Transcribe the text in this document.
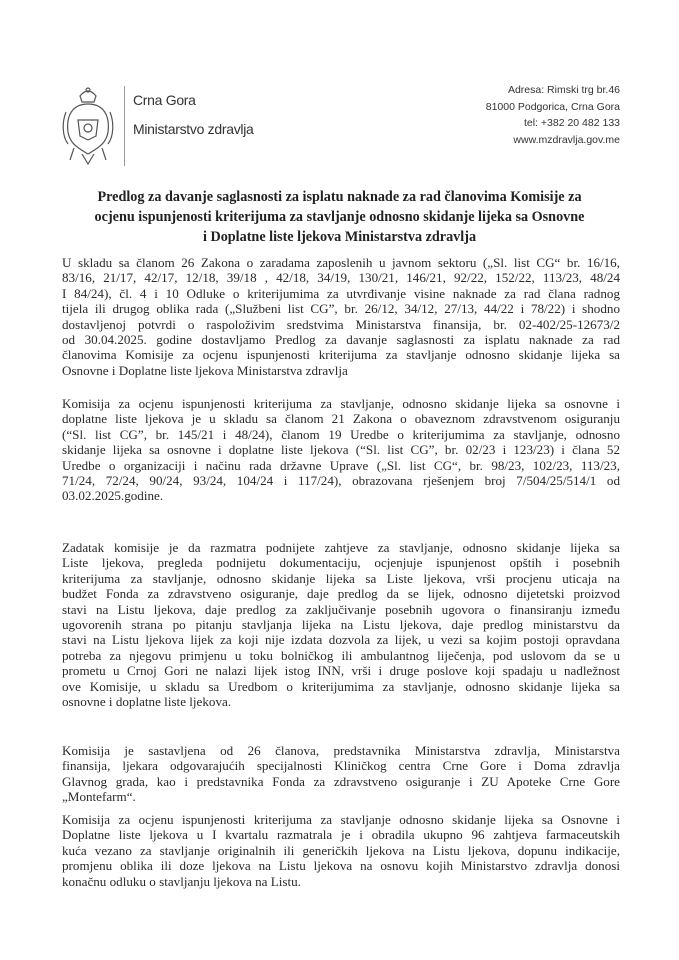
Crna Gora
Ministarstvo zdravlja
Adresa: Rimski trg br.46
81000 Podgorica, Crna Gora
tel: +382 20 482 133
www.mzdravlja.gov.me
Predlog za davanje saglasnosti za isplatu naknade za rad članovima Komisije za
ocjenu ispunjenosti kriterijuma za stavljanje odnosno skidanje lijeka sa Osnovne
i Doplatne liste ljekova Ministarstva zdravlja
U skladu sa članom 26 Zakona o zaradama zaposlenih u javnom sektoru („Sl. list CG“ br. 16/16,
83/16, 21/17, 42/17, 12/18, 39/18 , 42/18, 34/19, 130/21, 146/21, 92/22, 152/22, 113/23, 48/24
I 84/24), čl. 4 i 10 Odluke o kriterijumima za utvrđivanje visine naknade za rad člana radnog
tijela ili drugog oblika rada („Službeni list CG”, br. 26/12, 34/12, 27/13, 44/22 i 78/22) i shodno
dostavljenoj potvrdi o raspoloživim sredstvima Ministarstva finansija, br. 02-402/25-12673/2
od 30.04.2025. godine dostavljamo Predlog za davanje saglasnosti za isplatu naknade za rad
članovima Komisije za ocjenu ispunjenosti kriterijuma za stavljanje odnosno skidanje lijeka sa
Osnovne i Doplatne liste ljekova Ministarstva zdravlja
Komisija za ocjenu ispunjenosti kriterijuma za stavljanje, odnosno skidanje lijeka sa osnovne i
doplatne liste ljekova je u skladu sa članom 21 Zakona o obaveznom zdravstvenom osiguranju
(“Sl. list CG”, br. 145/21 i 48/24), članom 19 Uredbe o kriterijumima za stavljanje, odnosno
skidanje lijeka sa osnovne i doplatne liste ljekova (“Sl. list CG”, br. 02/23 i 123/23) i člana 52
Uredbe o organizaciji i načinu rada državne Uprave („Sl. list CG“, br. 98/23, 102/23, 113/23,
71/24, 72/24, 90/24, 93/24, 104/24 i 117/24), obrazovana rješenjem broj 7/504/25/514/1 od
03.02.2025.godine.
Zadatak komisije je da razmatra podnijete zahtjeve za stavljanje, odnosno skidanje lijeka sa
Liste ljekova, pregleda podnijetu dokumentaciju, ocjenjuje ispunjenost opštih i posebnih
kriterijuma za stavljanje, odnosno skidanje lijeka sa Liste ljekova, vrši procjenu uticaja na
budžet Fonda za zdravstveno osiguranje, daje predlog da se lijek, odnosno dijetetski proizvod
stavi na Listu ljekova, daje predlog za zaključivanje posebnih ugovora o finansiranju između
ugovorenih strana po pitanju stavljanja lijeka na Listu ljekova, daje predlog ministarstvu da
stavi na Listu ljekova lijek za koji nije izdata dozvola za lijek, u vezi sa kojim postoji opravdana
potreba za njegovu primjenu u toku bolničkog ili ambulantnog liječenja, pod uslovom da se u
prometu u Crnoj Gori ne nalazi lijek istog INN, vrši i druge poslove koji spadaju u nadležnost
ove Komisije, u skladu sa Uredbom o kriterijumima za stavljanje, odnosno skidanje lijeka sa
osnovne i doplatne liste ljekova.
Komisija je sastavljena od 26 članova, predstavnika Ministarstva zdravlja, Ministarstva
finansija, ljekara odgovarajućih specijalnosti Kliničkog centra Crne Gore i Doma zdravlja
Glavnog grada, kao i predstavnika Fonda za zdravstveno osiguranje i ZU Apoteke Crne Gore
„Montefarm“.
Komisija za ocjenu ispunjenosti kriterijuma za stavljanje odnosno skidanje lijeka sa Osnovne i
Doplatne liste ljekova u I kvartalu razmatrala je i obradila ukupno 96 zahtjeva farmaceutskih
kuća vezano za stavljanje originalnih ili generičkih ljekova na Listu ljekova, dopunu indikacije,
promjenu oblika ili doze ljekova na Listu ljekova na osnovu kojih Ministarstvo zdravlja donosi
konačnu odluku o stavljanju ljekova na Listu.
